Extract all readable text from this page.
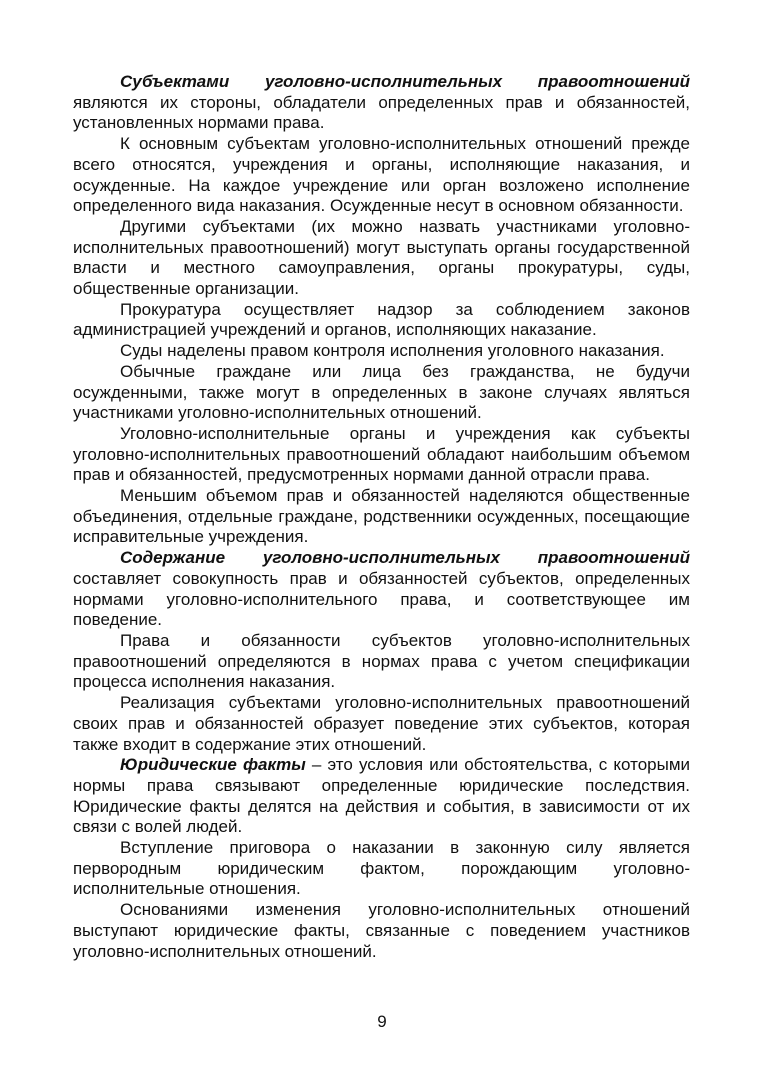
Субъектами уголовно-исполнительных правоотношений являются их стороны, обладатели определенных прав и обязанностей, установленных нормами права.

К основным субъектам уголовно-исполнительных отношений прежде всего относятся, учреждения и органы, исполняющие наказания, и осужденные. На каждое учреждение или орган возложено исполнение определенного вида наказания. Осужденные несут в основном обязанности.

Другими субъектами (их можно назвать участниками уголовно-исполнительных правоотношений) могут выступать органы государственной власти и местного самоуправления, органы прокуратуры, суды, общественные организации.

Прокуратура осуществляет надзор за соблюдением законов администрацией учреждений и органов, исполняющих наказание.

Суды наделены правом контроля исполнения уголовного наказания.

Обычные граждане или лица без гражданства, не будучи осужденными, также могут в определенных в законе случаях являться участниками уголовно-исполнительных отношений.

Уголовно-исполнительные органы и учреждения как субъекты уголовно-исполнительных правоотношений обладают наибольшим объемом прав и обязанностей, предусмотренных нормами данной отрасли права.

Меньшим объемом прав и обязанностей наделяются общественные объединения, отдельные граждане, родственники осужденных, посещающие исправительные учреждения.

Содержание уголовно-исполнительных правоотношений составляет совокупность прав и обязанностей субъектов, определенных нормами уголовно-исполнительного права, и соответствующее им поведение.

Права и обязанности субъектов уголовно-исполнительных правоотношений определяются в нормах права с учетом спецификации процесса исполнения наказания.

Реализация субъектами уголовно-исполнительных правоотношений своих прав и обязанностей образует поведение этих субъектов, которая также входит в содержание этих отношений.

Юридические факты – это условия или обстоятельства, с которыми нормы права связывают определенные юридические последствия. Юридические факты делятся на действия и события, в зависимости от их связи с волей людей.

Вступление приговора о наказании в законную силу является первородным юридическим фактом, порождающим уголовно-исполнительные отношения.

Основаниями изменения уголовно-исполнительных отношений выступают юридические факты, связанные с поведением участников уголовно-исполнительных отношений.

9
